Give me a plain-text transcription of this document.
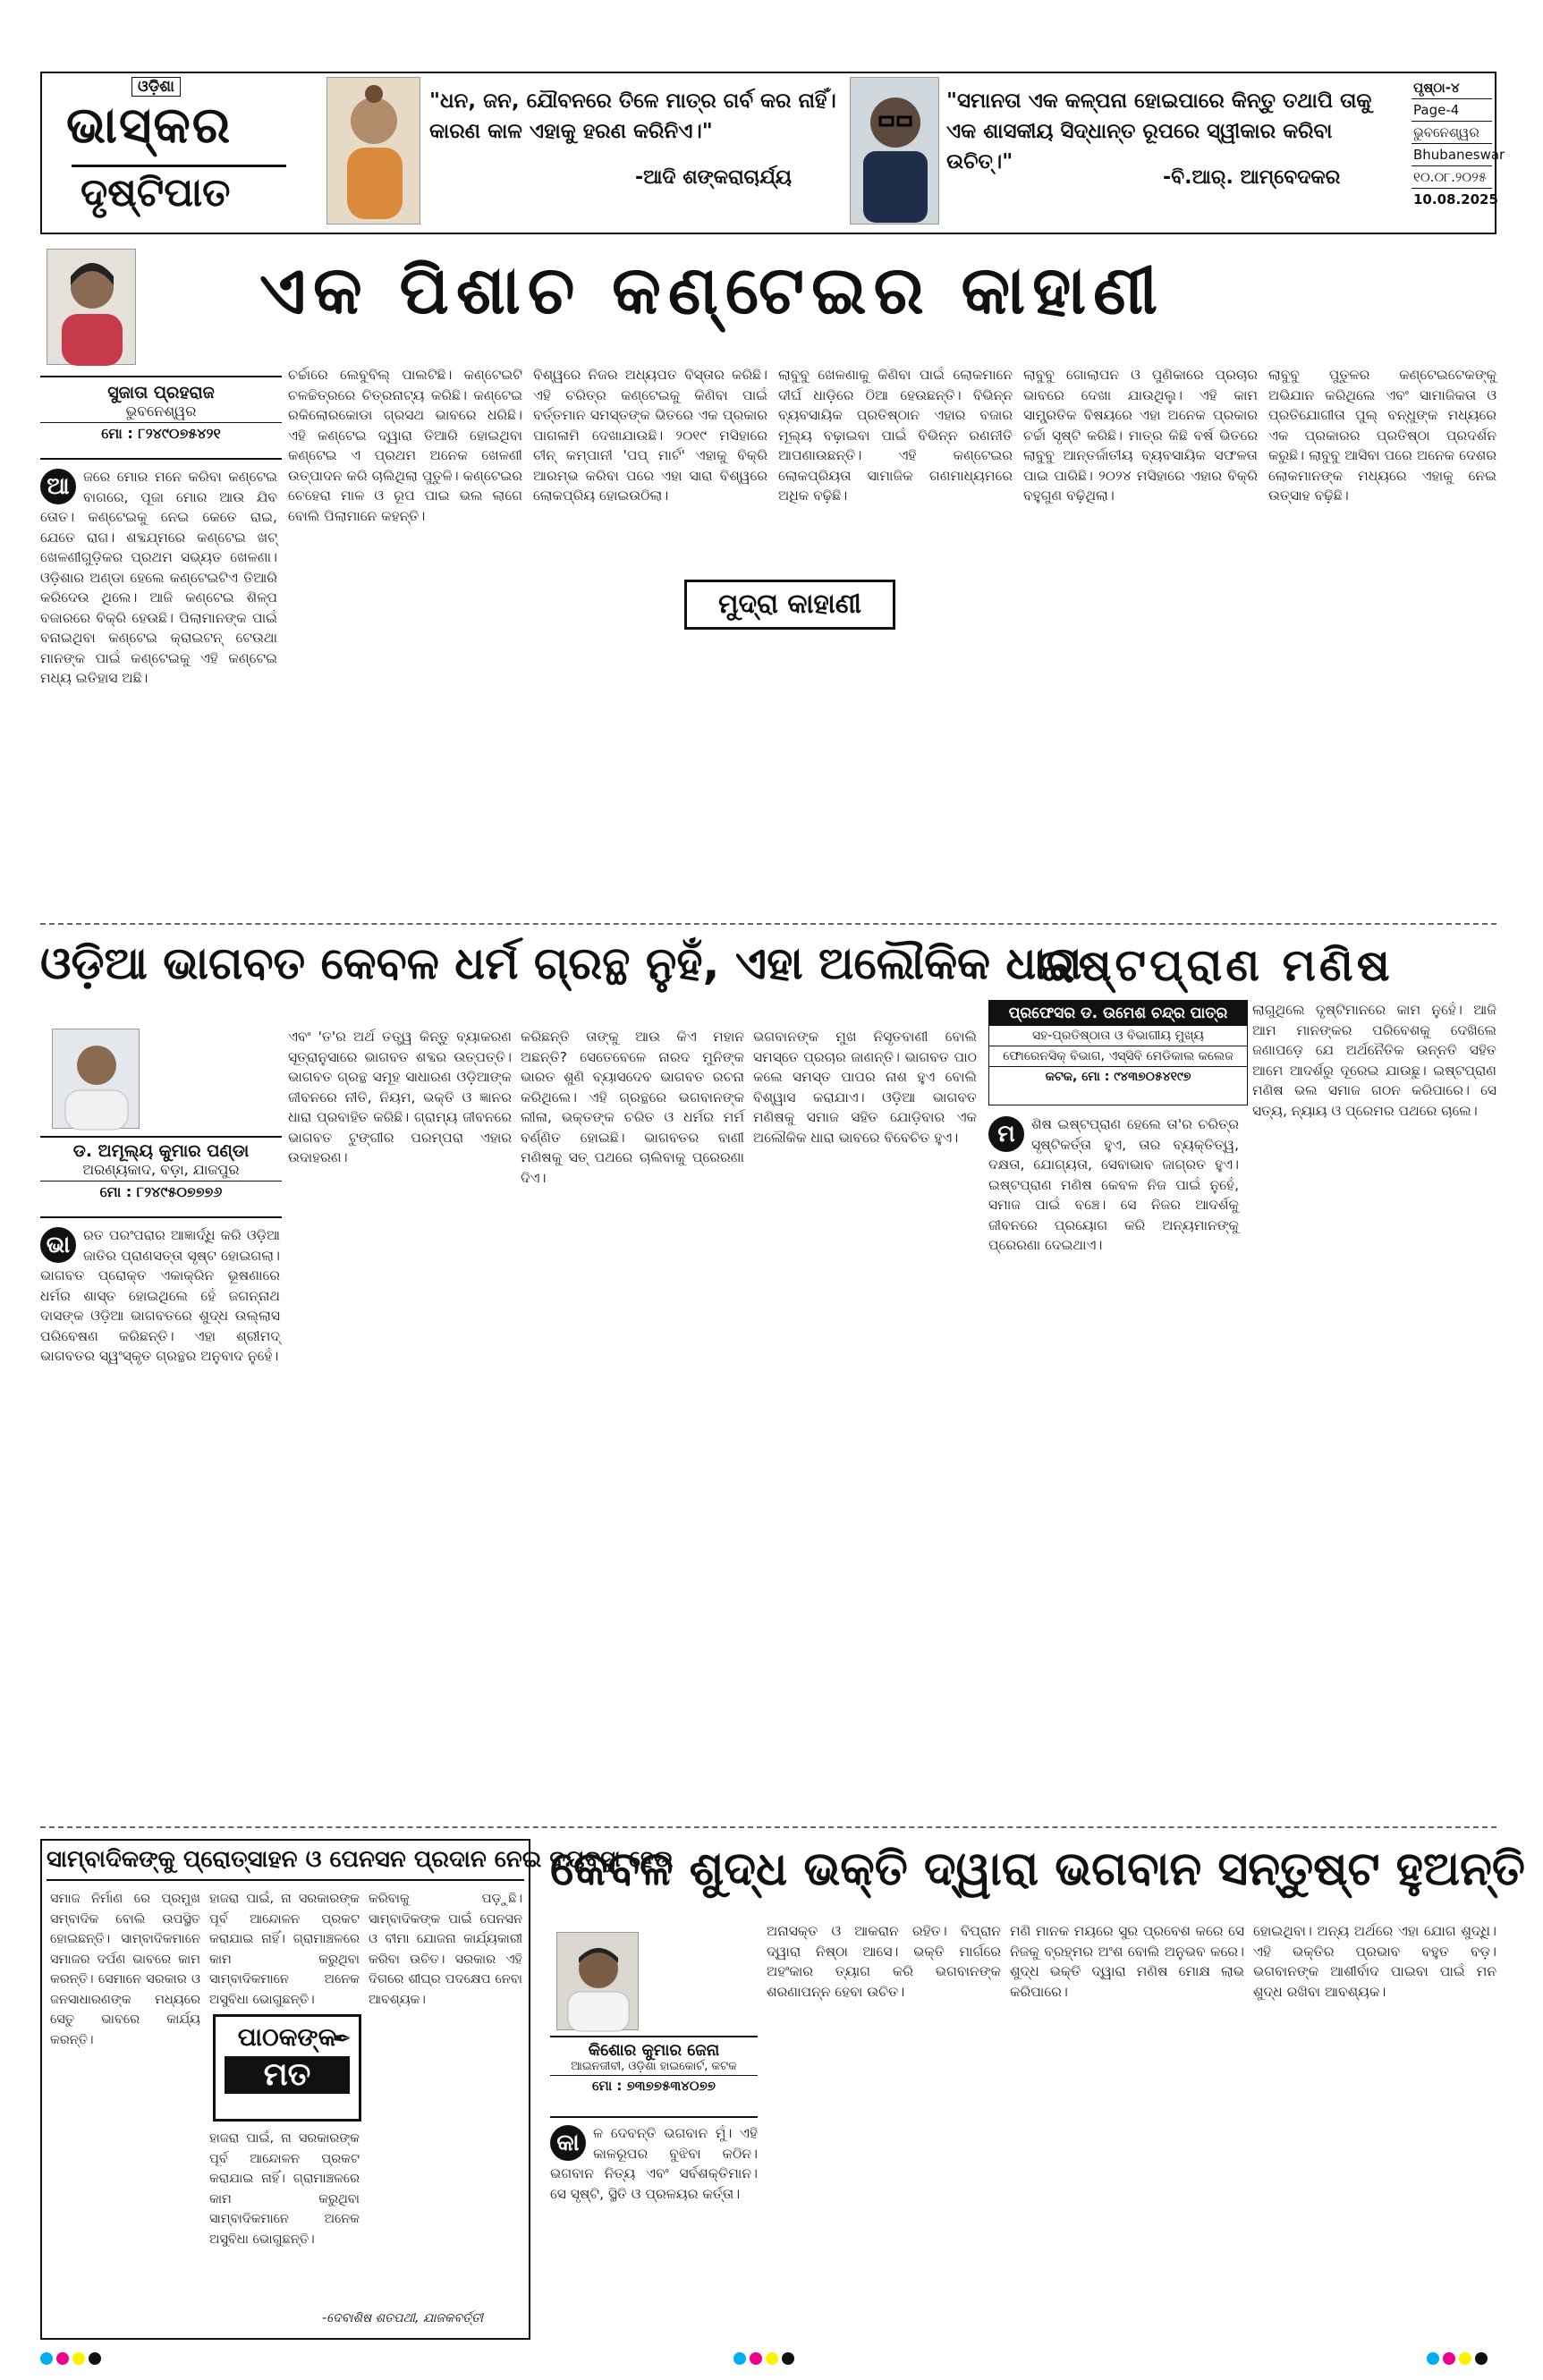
ଓଡ଼ିଶା
ଭାସ୍କର
ଦୃଷ୍ଟିପାତ
"ଧନ, ଜନ, ଯୌବନରେ ତିଳେ ମାତ୍ର ଗର୍ବ କର ନାହିଁ। କାରଣ କାଳ ଏହାକୁ ହରଣ କରିନିଏ।"
-ଆଦି ଶଙ୍କରାଚାର୍ଯ୍ୟ
"ସମାନତା ଏକ କଳ୍ପନା ହୋଇପାରେ କିନ୍ତୁ ତଥାପି ତାକୁ ଏକ ଶାସକୀୟ ସିଦ୍ଧାନ୍ତ ରୂପରେ ସ୍ୱୀକାର କରିବା ଉଚିତ୍।"
-ବି.ଆର୍. ଆମ୍ବେଦକର
ପୃଷ୍ଠା-୪
Page-4
ଭୁବନେଶ୍ୱର
Bhubaneswar
୧୦.୦୮.୨୦୨୫
10.08.2025
ଏକ ପିଶାଚ କଣ୍ଟେଇର କାହାଣୀ
ସୁଜାତା ପ୍ରହରାଜ
ଭୁବନେଶ୍ୱର
ମୋ : ୮୨୪୯୦୭୫୪୨୧
ଆ ଜରେ ମୋର ମନେ କରିବା କଣ୍ଟେଇ ବାଗରେ, ପୂଜା ମୋର ଆଉ ଯିବ ତୋତ। କଣ୍ଟେଇକୁ ନେଇ କେତେ ରାଇ, ଯେତେ ରାଗ। ଶବ୍ଦଯ୍ମରେ କଣ୍ଟେଇ ଖଟ୍ ଖେଳଣୀଗୁଡ଼ିକର ପ୍ରଥମ ସଭ୍ୟତ ଖେଳଣା। ଓଡ଼ିଶାର ଅଣ୍ଡା ହେଲେ କଣ୍ଟେଇଟିଏ ତିଆରି କରିଦେଉ ଥିଲେ। ଆଜି କଣ୍ଟେଇ ଶିଳ୍ପ ବଜାରରେ ବିକ୍ରି ହେଉଛି। ପିଲାମାନଙ୍କ ପାଇଁ ବନାଇଥିବା କଣ୍ଟେଇ କ୍ରାଇଟନ୍ ଟେଉଥା ମାନଙ୍କ ପାଇଁ କଣ୍ଟେଇକୁ ଏହି କଣ୍ଟେଇ ମଧ୍ୟ ଇତିହାସ ଅଛି।
ଚର୍ଚ୍ଚାରେ ଲେବୁବିଲ୍ ପାଲଟିଛି। କଣ୍ଟେଇଟି ଚଳଚ୍ଚିତ୍ରରେ ଚିତ୍ରନାଟ୍ୟ କରିଛି। କଣ୍ଟେଇ ରକିଲୋରକୋଡା ଗ୍ରସଥ ଭାବରେ ଧରିଛି। ଏହି କଣ୍ଟେଇ ଦ୍ୱାରା ତିଆରି ହୋଇଥିବା କଣ୍ଟେଇ ଏ ପ୍ରଥମ ଅନେକ ଖେଳଣୀ ଉତ୍ପାଦନ କରି ଚାଲିଥିଲା ପୁତୁଳି। କଣ୍ଟେଇର ଚେହେରା ମାଳ ଓ ରୂପ ପାଇ ଭଲ ଲାଗେ ବୋଲି ପିଲାମାନେ କହନ୍ତି।
ବିଶ୍ୱରେ ନିଜର ଅଧ୍ୟପତ ବିସ୍ତାର କରିଛି। ଏହି ଚରିତ୍ର କଣ୍ଟେଇକୁ କିଣିବା ପାଇଁ ବର୍ତ୍ତମାନ ସମସ୍ତଙ୍କ ଭିତରେ ଏକ ପ୍ରକାର ପାଗଳାମି ଦେଖାଯାଉଛି। ୨୦୧୯ ମସିହାରେ ଚୀନ୍ କମ୍ପାନୀ 'ପପ୍ ମାର୍ଟ' ଏହାକୁ ବିକ୍ରି ଆରମ୍ଭ କରିବା ପରେ ଏହା ସାରା ବିଶ୍ୱରେ ଲୋକପ୍ରିୟ ହୋଇଉଠିଲା।
ଲାବୁବୁ ଖେଳଣାକୁ କିଣିବା ପାଇଁ ଲୋକମାନେ ଦୀର୍ଘ ଧାଡ଼ିରେ ଠିଆ ହେଉଛନ୍ତି। ବିଭିନ୍ନ ବ୍ୟବସାୟିକ ପ୍ରତିଷ୍ଠାନ ଏହାର ବଜାର ମୂଲ୍ୟ ବଢ଼ାଇବା ପାଇଁ ବିଭିନ୍ନ ରଣନୀତି ଆପଣାଉଛନ୍ତି। ଏହି କଣ୍ଟେଇର ଲୋକପ୍ରିୟତା ସାମାଜିକ ଗଣମାଧ୍ୟମରେ ଅଧିକ ବଢ଼ିଛି।
ଲାବୁବୁ ଗୋଲାପନ ଓ ପୁଣିକାରେ ପ୍ରଚାର ଭାବରେ ଦେଖା ଯାଉଥିଲୁ। ଏହି କାମ ସାମ୍ପ୍ରତିକ ବିଷୟରେ ଏହା ଅନେକ ପ୍ରକାର ଚର୍ଚ୍ଚା ସୃଷ୍ଟି କରିଛି। ମାତ୍ର କିଛି ବର୍ଷ ଭିତରେ ଲାବୁବୁ ଆନ୍ତର୍ଜାତୀୟ ବ୍ୟବସାୟିକ ସଫଳତା ପାଇ ପାରିଛି। ୨୦୨୪ ମସିହାରେ ଏହାର ବିକ୍ରି ବହୁଗୁଣ ବଢ଼ିଥିଲା।
ଲାବୁବୁ ପୁତୁଳର କଣ୍ଟେଇଟେକଙ୍କୁ ଅଭିଯାନ କରିଥିଲେ ଏବଂ ସାମାଜିକତା ଓ ପ୍ରତିଯୋଗୀତା ପୁଲ୍ ବନ୍ଧୁଙ୍କ ମଧ୍ୟରେ ଏକ ପ୍ରକାରର ପ୍ରତିଷ୍ଠା ପ୍ରଦର୍ଶନ କରୁଛି। ଲାବୁବୁ ଆସିବା ପରେ ଅନେକ ଦେଶର ଲୋକମାନଙ୍କ ମଧ୍ୟରେ ଏହାକୁ ନେଇ ଉତ୍ସାହ ବଢ଼ିଛି।
ମୁଦ୍ରା କାହାଣୀ
ଓଡ଼ିଆ ଭାଗବତ କେବଳ ଧର୍ମ ଗ୍ରନ୍ଥ ନୁହଁ, ଏହା ଅଲୌକିକ ଧାରା
ଡ. ଅମୂଲ୍ୟ କୁମାର ପଣ୍ଡା
ଅରଣ୍ୟକାଦ, ବଡ଼ା, ଯାଜପୁର
ମୋ : ୮୨୪୯୫୦୭୭୭୬
ଭା ରତ ପରଂପରାର ଆଜ୍ଞାର୍ଦ୍ଧି କରି ଓଡ଼ିଆ ଜାତିର ପ୍ରାଣସତ୍ତା ସୃଷ୍ଟ ହୋଇଗଲା। ଭାଗବତ ପ୍ରୋକ୍ତ ଏକାକ୍ରିନ ଭୂଷଣାରେ ଧର୍ମର ଶାସ୍ତ ହୋଇଥିଲେ ହେଁ ଜଗନ୍ନାଥ ଦାସଙ୍କ ଓଡ଼ିଆ ଭାଗବତରେ ଶୁଦ୍ଧ ଉଲ୍ଲାସ ପରିବେଷଣ କରିଛନ୍ତି। ଏହା ଶ୍ରୀମଦ୍ ଭାଗବତର ସ୍ୱଂସ୍କୃତ ଗ୍ରନ୍ଥର ଅନୁବାଦ ନୁହେଁ।
ଏବଂ 'ତ'ର ଅର୍ଥ ତତ୍ତ୍ୱ କିନ୍ତୁ ବ୍ୟାକରଣ ସୂତ୍ରାନୁସାରେ ଭାଗବତ ଶବ୍ଦର ଉତ୍ପତ୍ତି। ଭାଗବତ ଗ୍ରନ୍ଥ ସମୂହ ସାଧାରଣ ଓଡ଼ିଆଙ୍କ ଜୀବନରେ ନୀତି, ନିୟମ, ଭକ୍ତି ଓ ଜ୍ଞାନର ଧାରା ପ୍ରବାହିତ କରିଛି। ଗ୍ରାମ୍ୟ ଜୀବନରେ ଭାଗବତ ଟୁଙ୍ଗୀର ପରମ୍ପରା ଏହାର ଉଦାହରଣ।
କରିଛନ୍ତି ତାଙ୍କୁ ଆଉ କିଏ ମହାନ ଅଛନ୍ତି? ସେତେବେଳେ ନାରଦ ମୁନିଙ୍କ ଭାରତ ଶୁଣି ବ୍ୟାସଦେବ ଭାଗବତ ରଚନା କରିଥିଲେ। ଏହି ଗ୍ରନ୍ଥରେ ଭଗବାନଙ୍କ ଲୀଳା, ଭକ୍ତଙ୍କ ଚରିତ ଓ ଧର୍ମର ମର୍ମ ବର୍ଣ୍ଣିତ ହୋଇଛି। ଭାଗବତର ବାଣୀ ମଣିଷକୁ ସତ୍ ପଥରେ ଚାଲିବାକୁ ପ୍ରେରଣା ଦିଏ।
ଭଗବାନଙ୍କ ମୁଖ ନିସୃତବାଣୀ ବୋଲି ସମସ୍ତେ ପ୍ରଚାର ଜାଣନ୍ତି। ଭାଗବତ ପାଠ କଲେ ସମସ୍ତ ପାପର ନାଶ ହୁଏ ବୋଲି ବିଶ୍ୱାସ କରାଯାଏ। ଓଡ଼ିଆ ଭାଗବତ ମଣିଷକୁ ସମାଜ ସହିତ ଯୋଡ଼ିବାର ଏକ ଅଲୌକିକ ଧାରା ଭାବରେ ବିବେଚିତ ହୁଏ।
ଇଷ୍ଟପ୍ରାଣ ମଣିଷ
ପ୍ରଫେସର ଡ. ଉମେଶ ଚନ୍ଦ୍ର ପାତ୍ର
ସହ-ପ୍ରତିଷ୍ଠାତା ଓ ବିଭାଗୀୟ ମୁଖ୍ୟ
ଫୋରେନସିକ୍ ବିଭାଗ, ଏସ୍‌ସିବି ମେଡିକାଲ କଲେଜ
କଟକ, ମୋ : ୯୪୩୭୦୫୪୧୯୭
ମ	ଶିଷ ଇଷ୍ଟପ୍ରାଣ ହେଲେ ତା'ର ଚରିତ୍ର ସୃଷ୍ଟିକର୍ତ୍ତା ହୁଏ, ତାର ବ୍ୟକ୍ତିତ୍ୱ, ଦକ୍ଷତା, ଯୋଗ୍ୟତା, ସେବାଭାବ ଜାଗ୍ରତ ହୁଏ। ଇଷ୍ଟପ୍ରାଣ ମଣିଷ କେବଳ ନିଜ ପାଇଁ ନୁହେଁ, ସମାଜ ପାଇଁ ବଞ୍ଚେ। ସେ ନିଜର ଆଦର୍ଶକୁ ଜୀବନରେ ପ୍ରୟୋଗ କରି ଅନ୍ୟମାନଙ୍କୁ ପ୍ରେରଣା ଦେଇଥାଏ।
ଲାଗୁଥିଲେ ଦୃଷ୍ଟିମାନରେ କାମ ନୁହେଁ। ଆଜି ଆମ ମାନଙ୍କର ପରିବେଶକୁ ଦେଖିଲେ ଜଣାପଡ଼େ ଯେ ଅର୍ଥନୈତିକ ଉନ୍ନତି ସହିତ ଆମେ ଆଦର୍ଶରୁ ଦୂରେଇ ଯାଉଛୁ। ଇଷ୍ଟପ୍ରାଣ ମଣିଷ ଭଲ ସମାଜ ଗଠନ କରିପାରେ। ସେ ସତ୍ୟ, ନ୍ୟାୟ ଓ ପ୍ରେମର ପଥରେ ଚାଲେ।
ସାମ୍ବାଦିକଙ୍କୁ ପ୍ରୋତ୍ସାହନ ଓ ପେନସନ ପ୍ରଦାନ ନେଇ ବ୍ୟବସ୍ଥା ହେଉ
ସମାଜ ନିର୍ମାଣ ରେ ପ୍ରମୁଖ ସମ୍ବାଦିକ ବୋଲି ଉପସ୍ଥିତ ହୋଇଛନ୍ତି। ସାମ୍ବାଦିକମାନେ ସମାଜର ଦର୍ପଣ ଭାବରେ କାମ କରନ୍ତି। ସେମାନେ ସରକାର ଓ ଜନସାଧାରଣଙ୍କ ମଧ୍ୟରେ ସେତୁ ଭାବରେ କାର୍ଯ୍ୟ କରନ୍ତି।
ହାଜରା ପାଇଁ, ନା ସରକାରଙ୍କ ପୂର୍ବ ଆନ୍ଦୋଳନ ପ୍ରକଟ କରାଯାଇ ନାହିଁ। ଗ୍ରାମାଞ୍ଚଳରେ କାମ କରୁଥିବା ସାମ୍ବାଦିକମାନେ ଅନେକ ଅସୁବିଧା ଭୋଗୁଛନ୍ତି।
କରିବାକୁ ପଡ଼ୁଛି। ସାମ୍ବାଦିକଙ୍କ ପାଇଁ ପେନସନ ଓ ବୀମା ଯୋଜନା କାର୍ଯ୍ୟକାରୀ କରିବା ଉଚିତ। ସରକାର ଏହି ଦିଗରେ ଶୀଘ୍ର ପଦକ୍ଷେପ ନେବା ଆବଶ୍ୟକ।
ପାଠକଙ୍କ
ମତ
✒
ହାଜରା ପାଇଁ, ନା ସରକାରଙ୍କ ପୂର୍ବ ଆନ୍ଦୋଳନ ପ୍ରକଟ କରାଯାଇ ନାହିଁ। ଗ୍ରାମାଞ୍ଚଳରେ କାମ କରୁଥିବା ସାମ୍ବାଦିକମାନେ ଅନେକ ଅସୁବିଧା ଭୋଗୁଛନ୍ତି।
-ଦେବାଶିଷ ଶତପଥୀ, ଯାଜକବର୍ତ୍ତୀ
କେବଳ ଶୁଦ୍ଧ ଭକ୍ତି ଦ୍ୱାରା ଭଗବାନ ସନ୍ତୁଷ୍ଟ ହୁଅନ୍ତି
କିଶୋର କୁମାର ଜେନା
ଆଇନଜୀବୀ, ଓଡ଼ିଶା ହାଇକୋର୍ଟ, କଟକ
ମୋ : ୭୩୭୭୫୩୪୦୭୭
କା ଳ ଦେବନ୍ତି ଭଗବାନ ମୁଁ। ଏହି କାଳରୂପର ବୁଝିବା କଠିନ। ଭଗବାନ ନିତ୍ୟ ଏବଂ ସର୍ବଶକ୍ତିମାନ। ସେ ସୃଷ୍ଟି, ସ୍ଥିତି ଓ ପ୍ରଳୟର କର୍ତ୍ତା।
ଅନାସକ୍ତ ଓ ଆକରାନ ରହିତ। ବିପ୍ରାନ ଦ୍ୱାରା ନିଷ୍ଠା ଆସେ। ଭକ୍ତି ମାର୍ଗରେ ଅହଂକାର ତ୍ୟାଗ କରି ଭଗବାନଙ୍କ ଶରଣାପନ୍ନ ହେବା ଉଚିତ।
ମଣି ମାନକ ମୟରେ ସୁର ପ୍ରବେଶ କରେ ସେ ନିଜକୁ ବ୍ରହ୍ମର ଅଂଶ ବୋଲି ଅନୁଭବ କରେ। ଶୁଦ୍ଧ ଭକ୍ତି ଦ୍ୱାରା ମଣିଷ ମୋକ୍ଷ ଲାଭ କରିପାରେ।
ହୋଇଥିବା। ଅନ୍ୟ ଅର୍ଥରେ ଏହା ଯୋଗ ଶୁଦ୍ଧି। ଏହି ଭକ୍ତିର ପ୍ରଭାବ ବହୁତ ବଡ଼। ଭଗବାନଙ୍କ ଆଶୀର୍ବାଦ ପାଇବା ପାଇଁ ମନ ଶୁଦ୍ଧ ରଖିବା ଆବଶ୍ୟକ।
